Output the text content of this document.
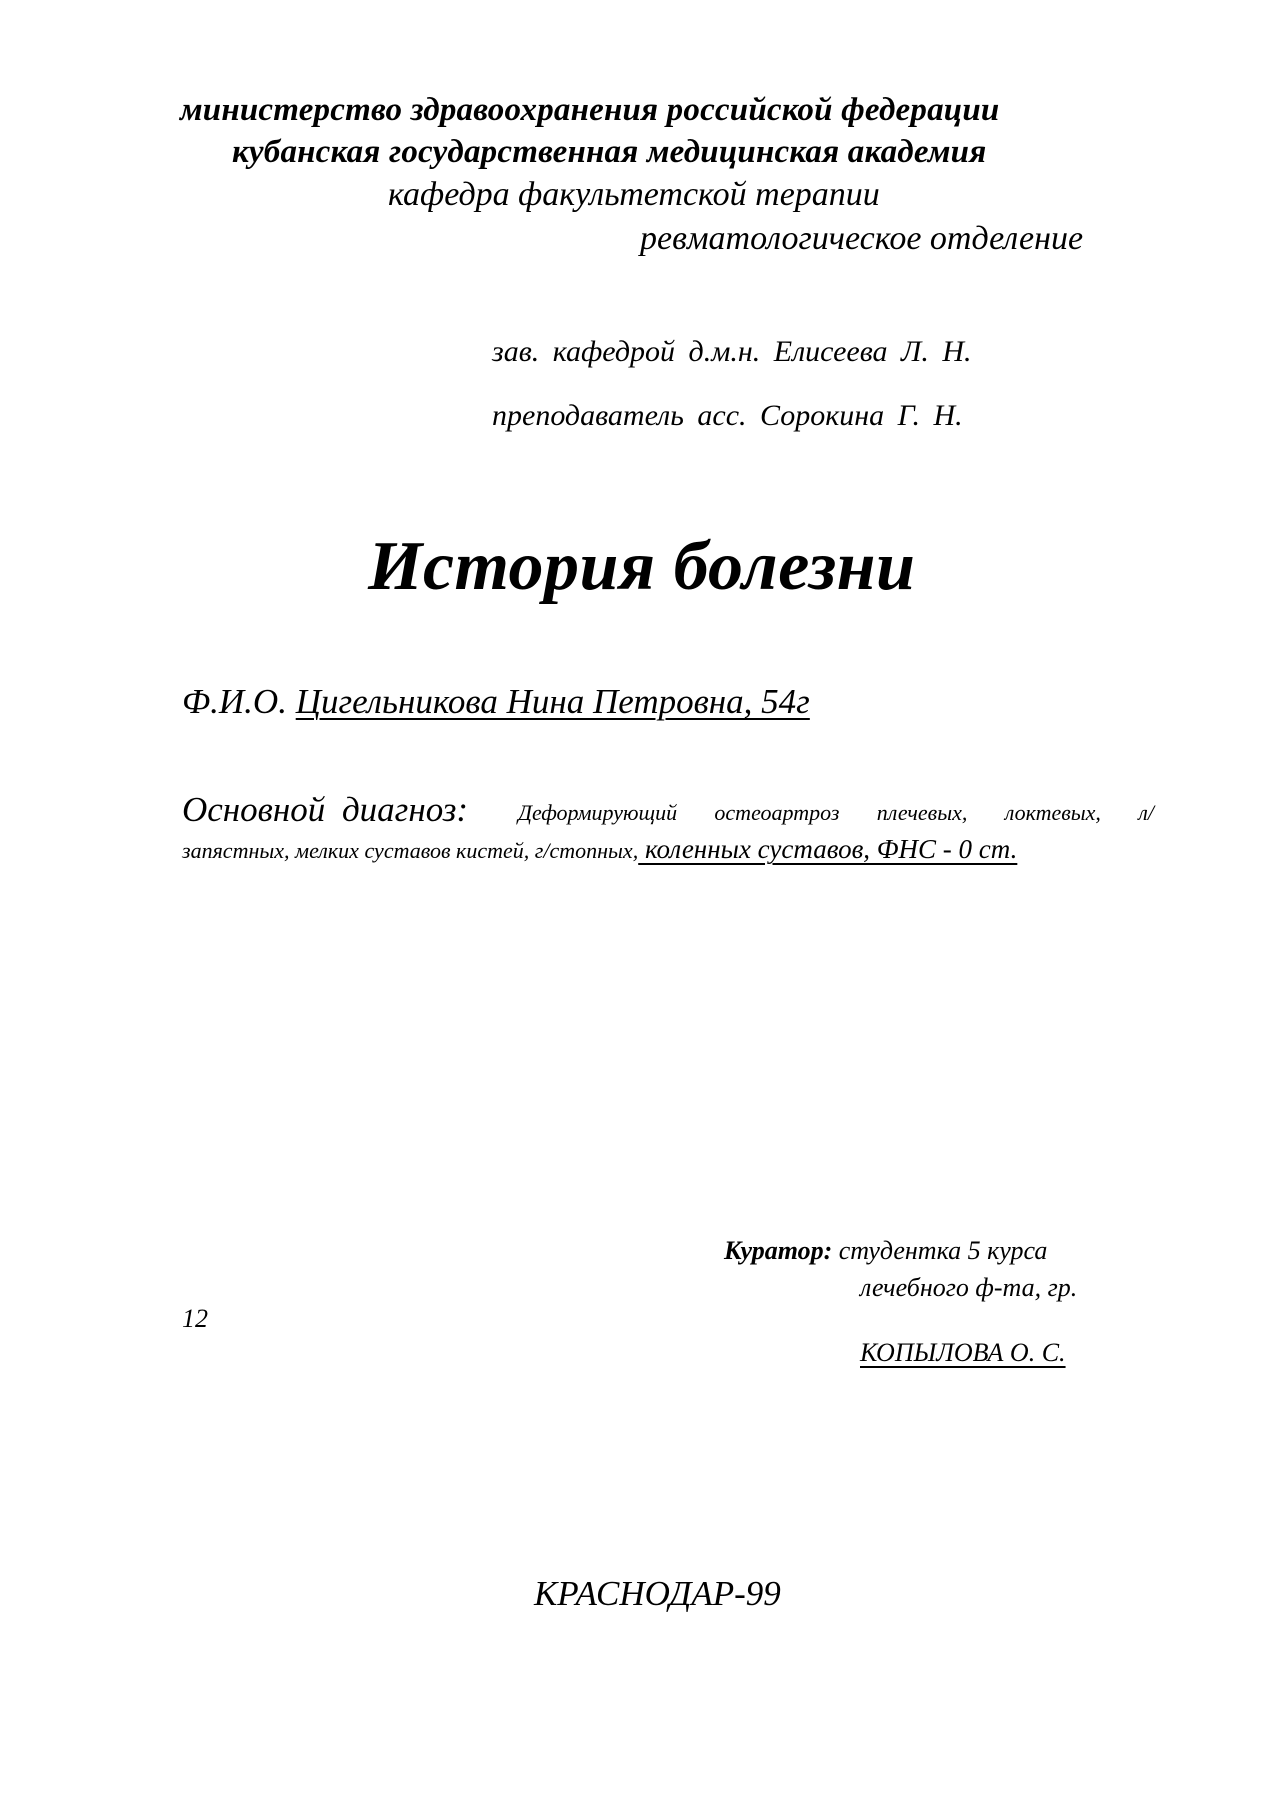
министерство здравоохранения российской федерации
кубанская государственная медицинская академия
кафедра факультетской терапии
ревматологическое отделение
зав. кафедрой д.м.н. Елисеева Л. Н.
преподаватель асс. Сорокина Г. Н.
История болезни
Ф.И.О. Цигельникова Нина Петровна, 54г
Основной диагноз: Деформирующий остеоартроз плечевых, локтевых, л/
запястных, мелких суставов кистей, г/стопных, коленных суставов, ФНС - 0 ст.
Куратор: студентка 5 курса
лечебного ф-та, гр.
12
КОПЫЛОВА О. С.
КРАСНОДАР-99
